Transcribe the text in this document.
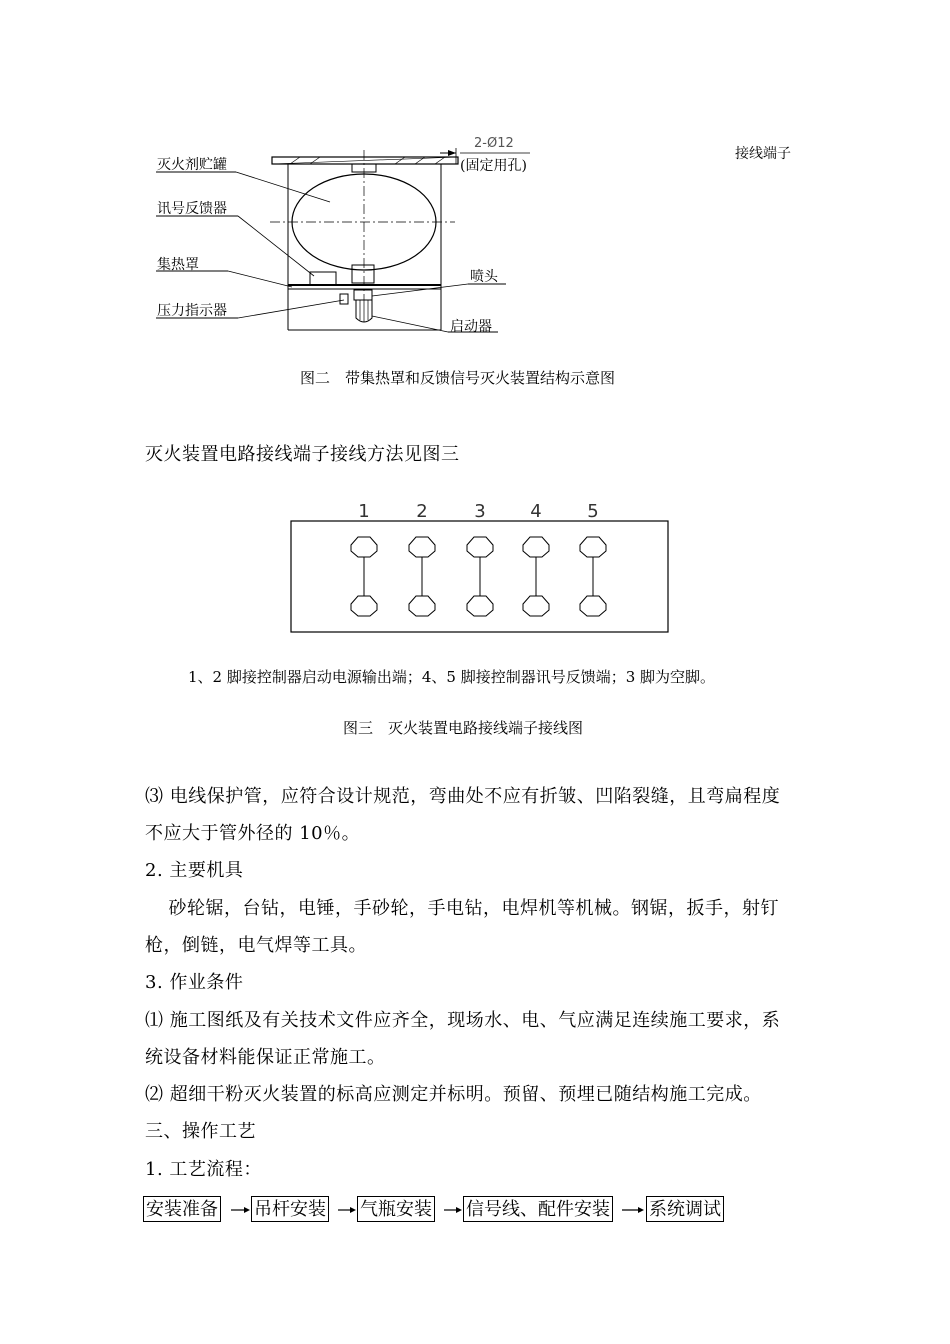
灭火剂贮罐
讯号反馈器
集热罩
压力指示器
喷头
启动器
2-Ø12
(固定用孔)
接线端子
图二　带集热罩和反馈信号灭火装置结构示意图
灭火装置电路接线端子接线方法见图三
1	2	3 4	5
1、2 脚接控制器启动电源输出端；4、5 脚接控制器讯号反馈端；3 脚为空脚。
图三　灭火装置电路接线端子接线图
⑶ 电线保护管，应符合设计规范，弯曲处不应有折皱、凹陷裂缝，且弯扁程度
不应大于管外径的 10％。
2. 主要机具
　砂轮锯，台钻，电锤，手砂轮，手电钻，电焊机等机械。钢锯，扳手，射钉
枪，倒链，电气焊等工具。
3. 作业条件
⑴ 施工图纸及有关技术文件应齐全，现场水、电、气应满足连续施工要求，系
统设备材料能保证正常施工。
⑵ 超细干粉灭火装置的标高应测定并标明。预留、预埋已随结构施工完成。
三、操作工艺
1. 工艺流程：
安装准备 吊杆安装 气瓶安装 信号线、配件安装 系统调试
